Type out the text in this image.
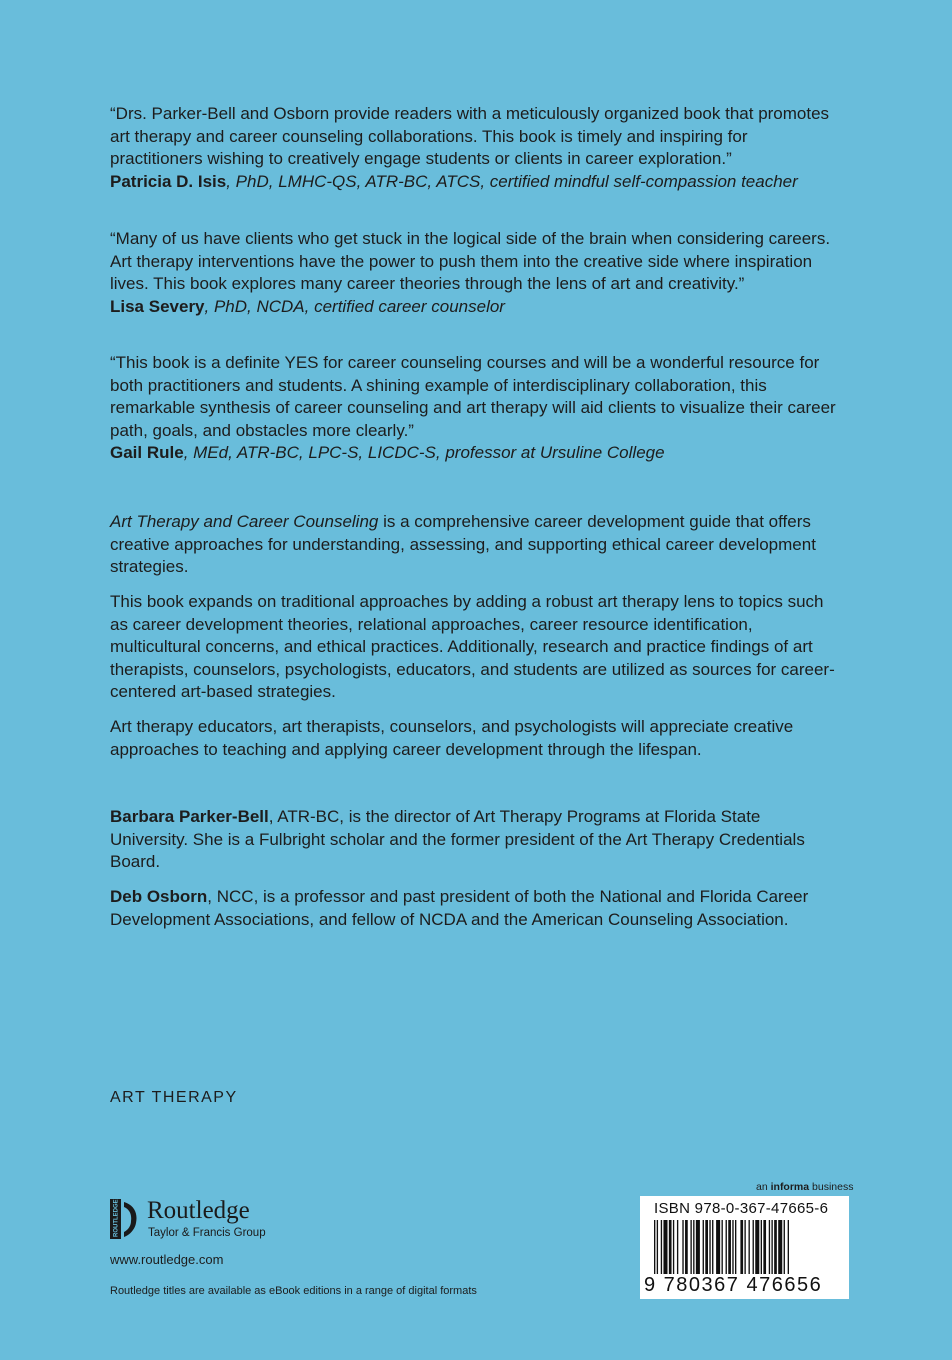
“Drs. Parker-Bell and Osborn provide readers with a meticulously organized book that promotes art therapy and career counseling collaborations. This book is timely and inspiring for practitioners wishing to creatively engage students or clients in career exploration.”

Patricia D. Isis, PhD, LMHC-QS, ATR-BC, ATCS, certified mindful self-compassion teacher

“Many of us have clients who get stuck in the logical side of the brain when considering careers. Art therapy interventions have the power to push them into the creative side where inspiration lives. This book explores many career theories through the lens of art and creativity.”

Lisa Severy, PhD, NCDA, certified career counselor

“This book is a definite YES for career counseling courses and will be a wonderful resource for both practitioners and students. A shining example of interdisciplinary collaboration, this remarkable synthesis of career counseling and art therapy will aid clients to visualize their career path, goals, and obstacles more clearly.”

Gail Rule, MEd, ATR-BC, LPC-S, LICDC-S, professor at Ursuline College

Art Therapy and Career Counseling is a comprehensive career development guide that offers creative approaches for understanding, assessing, and supporting ethical career development strategies.

This book expands on traditional approaches by adding a robust art therapy lens to topics such as career development theories, relational approaches, career resource identification, multicultural concerns, and ethical practices. Additionally, research and practice findings of art therapists, counselors, psychologists, educators, and students are utilized as sources for career-centered art-based strategies.

Art therapy educators, art therapists, counselors, and psychologists will appreciate creative approaches to teaching and applying career development through the lifespan.

Barbara Parker-Bell, ATR-BC, is the director of Art Therapy Programs at Florida State University. She is a Fulbright scholar and the former president of the Art Therapy Credentials Board.

Deb Osborn, NCC, is a professor and past president of both the National and Florida Career Development Associations, and fellow of NCDA and the American Counseling Association.

ART THERAPY
ROUTLEDGE Routledge
Taylor & Francis Group
www.routledge.com
Routledge titles are available as eBook editions in a range of digital formats
an informa business
ISBN 978-0-367-47665-6
9 780367 476656
